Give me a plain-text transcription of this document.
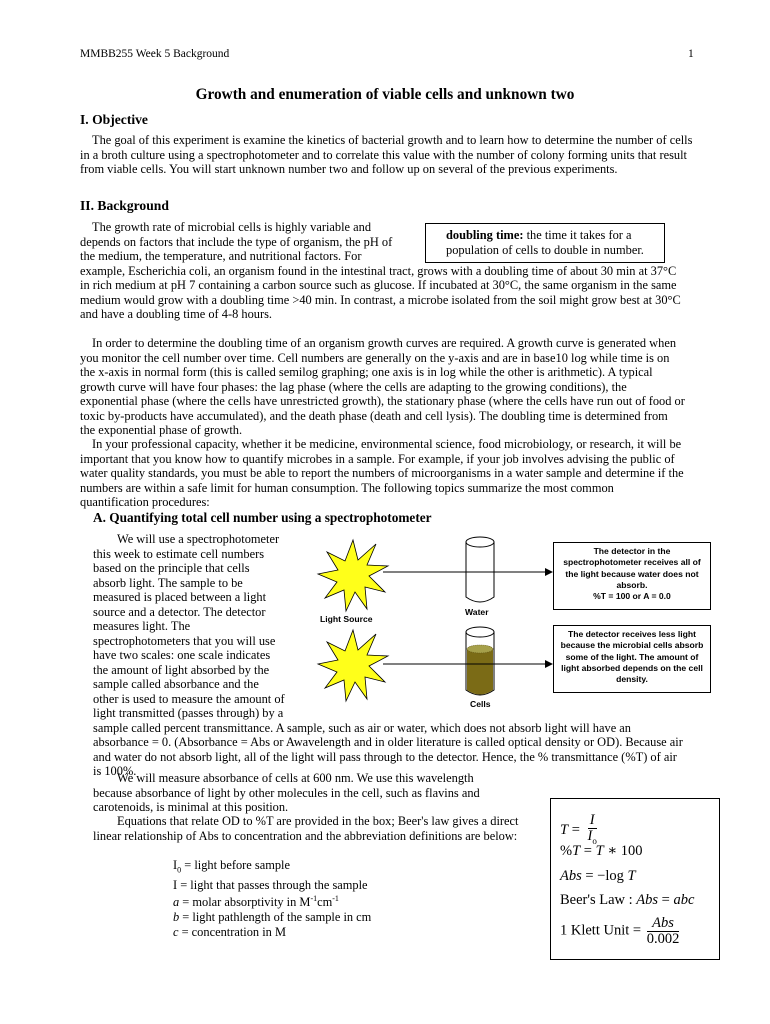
MMBB255 Week 5 Background	1
Growth and enumeration of viable cells and unknown two
I. Objective

The goal of this experiment is examine the kinetics of bacterial growth and to learn how to determine the number of cells in a broth culture using a spectrophotometer and to correlate this value with the number of colony forming units that result from viable cells. You will start unknown number two and follow up on several of the previous experiments.

II. Background
doubling time: the time it takes for a population of cells to double in number.

The growth rate of microbial cells is highly variable and depends on factors that include the type of organism, the pH of the medium, the temperature, and nutritional factors. For example, Escherichia coli, an organism found in the intestinal tract, grows with a doubling time of about 30 min at 37°C in rich medium at pH 7 containing a carbon source such as glucose. If incubated at 30°C, the same organism in the same medium would grow with a doubling time >40 min. In contrast, a microbe isolated from the soil might grow best at 30°C and have a doubling time of 4-8 hours.

In order to determine the doubling time of an organism growth curves are required. A growth curve is generated when you monitor the cell number over time. Cell numbers are generally on the y-axis and are in base10 log while time is on the x-axis in normal form (this is called semilog graphing; one axis is in log while the other is arithmetic). A typical growth curve will have four phases: the lag phase (where the cells are adapting to the growing conditions), the exponential phase (where the cells have unrestricted growth), the stationary phase (where the cells have run out of food or toxic by-products have accumulated), and the death phase (death and cell lysis). The doubling time is determined from the exponential phase of growth.

In your professional capacity, whether it be medicine, environmental science, food microbiology, or research, it will be important that you know how to quantify microbes in a sample. For example, if your job involves advising the public of water quality standards, you must be able to report the numbers of microorganisms in a water sample and determine if the numbers are within a safe limit for human consumption. The following topics summarize the most common quantification procedures:

A. Quantifying total cell number using a spectrophotometer

We will use a spectrophotometer this week to estimate cell numbers based on the principle that cells absorb light. The sample to be measured is placed between a light source and a detector. The detector measures light. The spectrophotometers that you will use have two scales: one scale indicates the amount of light absorbed by the sample called absorbance and the other is used to measure the amount of light transmitted (passes through) by a sample called percent transmittance. A sample, such as air or water, which does not absorb light will have an absorbance = 0. (Absorbance = Abs or Awavelength and in older literature is called optical density or OD). Because air and water do not absorb light, all of the light will pass through to the detector. Hence, the % transmittance (%T) of air is 100%.

Light Source
Water
Cells
The detector in the spectrophotometer receives all of the light because water does not absorb.
%T = 100 or A = 0.0
The detector receives less light because the microbial cells absorb some of the light. The amount of light absorbed depends on the cell density.

We will measure absorbance of cells at 600 nm. We use this wavelength because absorbance of light by other molecules in the cell, such as flavins and carotenoids, is minimal at this position.

Equations that relate OD to %T are provided in the box; Beer's law gives a direct linear relationship of Abs to concentration and the abbreviation definitions are below:

$I_0$ = light before sample
I = light that passes through the sample
a = molar absorptivity in $M^{-1}cm^{-1}$
b = light pathlength of the sample in cm
c = concentration in M
$T = \frac{I}{I_o}$
%T = T ∗ 100
Abs = −log T
Beer's Law : Abs = abc
1 Klett Unit = Abs
0.002
